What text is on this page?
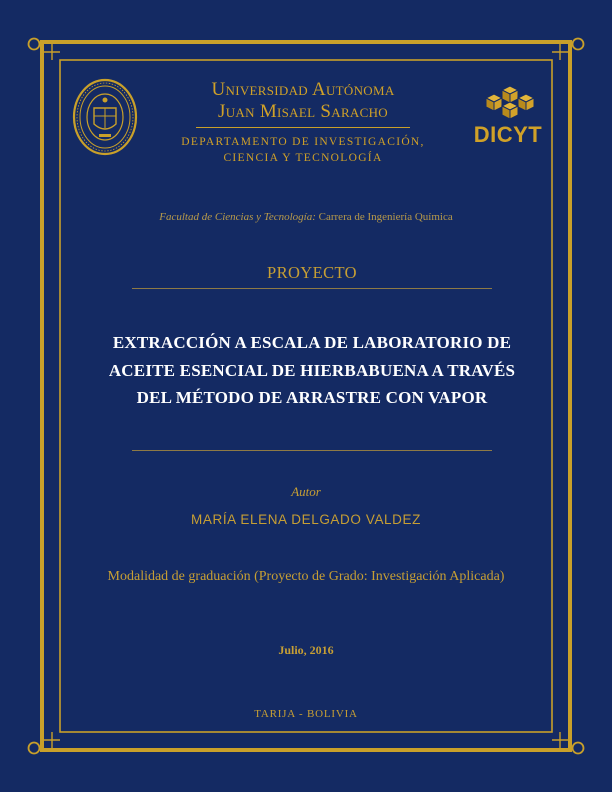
Universidad Autónoma
Juan Misael Saracho
DEPARTAMENTO DE INVESTIGACIÓN,
CIENCIA Y TECNOLOGÍA
DICYT
Facultad de Ciencias y Tecnología: Carrera de Ingeniería Química
PROYECTO
EXTRACCIÓN A ESCALA DE LABORATORIO DE
ACEITE ESENCIAL DE HIERBABUENA A TRAVÉS
DEL MÉTODO DE ARRASTRE CON VAPOR
Autor
MARÍA ELENA DELGADO VALDEZ
Modalidad de graduación (Proyecto de Grado: Investigación Aplicada)
Julio, 2016
TARIJA - BOLIVIA
